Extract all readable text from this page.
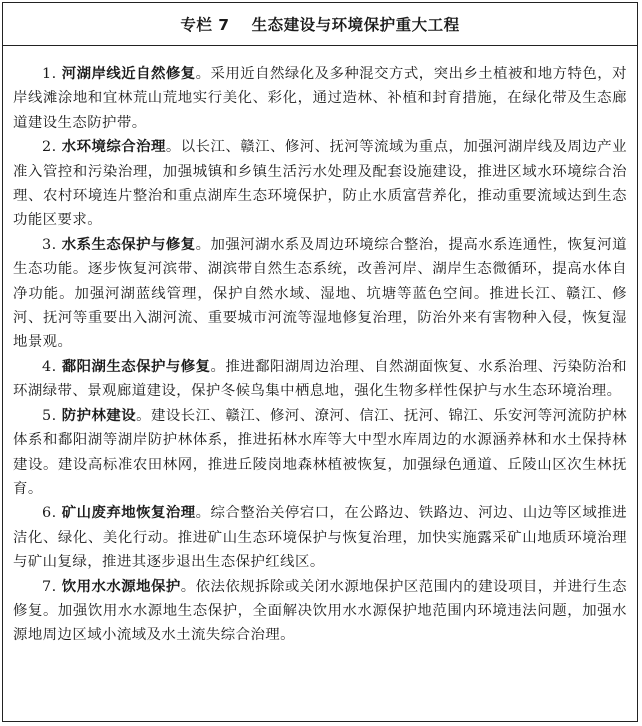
专栏 7 生态建设与环境保护重大工程

1. 河湖岸线近自然修复。采用近自然绿化及多种混交方式，突出乡土植被和地方特色，对岸线滩涂地和宜林荒山荒地实行美化、彩化，通过造林、补植和封育措施，在绿化带及生态廊道建设生态防护带。

2. 水环境综合治理。以长江、赣江、修河、抚河等流域为重点，加强河湖岸线及周边产业准入管控和污染治理，加强城镇和乡镇生活污水处理及配套设施建设，推进区域水环境综合治理、农村环境连片整治和重点湖库生态环境保护，防止水质富营养化，推动重要流域达到生态功能区要求。

3. 水系生态保护与修复。加强河湖水系及周边环境综合整治，提高水系连通性，恢复河道生态功能。逐步恢复河滨带、湖滨带自然生态系统，改善河岸、湖岸生态微循环，提高水体自净功能。加强河湖蓝线管理，保护自然水域、湿地、坑塘等蓝色空间。推进长江、赣江、修河、抚河等重要出入湖河流、重要城市河流等湿地修复治理，防治外来有害物种入侵，恢复湿地景观。

4. 鄱阳湖生态保护与修复。推进鄱阳湖周边治理、自然湖面恢复、水系治理、污染防治和环湖绿带、景观廊道建设，保护冬候鸟集中栖息地，强化生物多样性保护与水生态环境治理。

5. 防护林建设。建设长江、赣江、修河、潦河、信江、抚河、锦江、乐安河等河流防护林体系和鄱阳湖等湖岸防护林体系，推进拓林水库等大中型水库周边的水源涵养林和水土保持林建设。建设高标准农田林网，推进丘陵岗地森林植被恢复，加强绿色通道、丘陵山区次生林抚育。

6. 矿山废弃地恢复治理。综合整治关停宕口，在公路边、铁路边、河边、山边等区域推进洁化、绿化、美化行动。推进矿山生态环境保护与恢复治理，加快实施露采矿山地质环境治理与矿山复绿，推进其逐步退出生态保护红线区。

7. 饮用水水源地保护。依法依规拆除或关闭水源地保护区范围内的建设项目，并进行生态修复。加强饮用水水源地生态保护，全面解决饮用水水源保护地范围内环境违法问题，加强水源地周边区域小流域及水土流失综合治理。
